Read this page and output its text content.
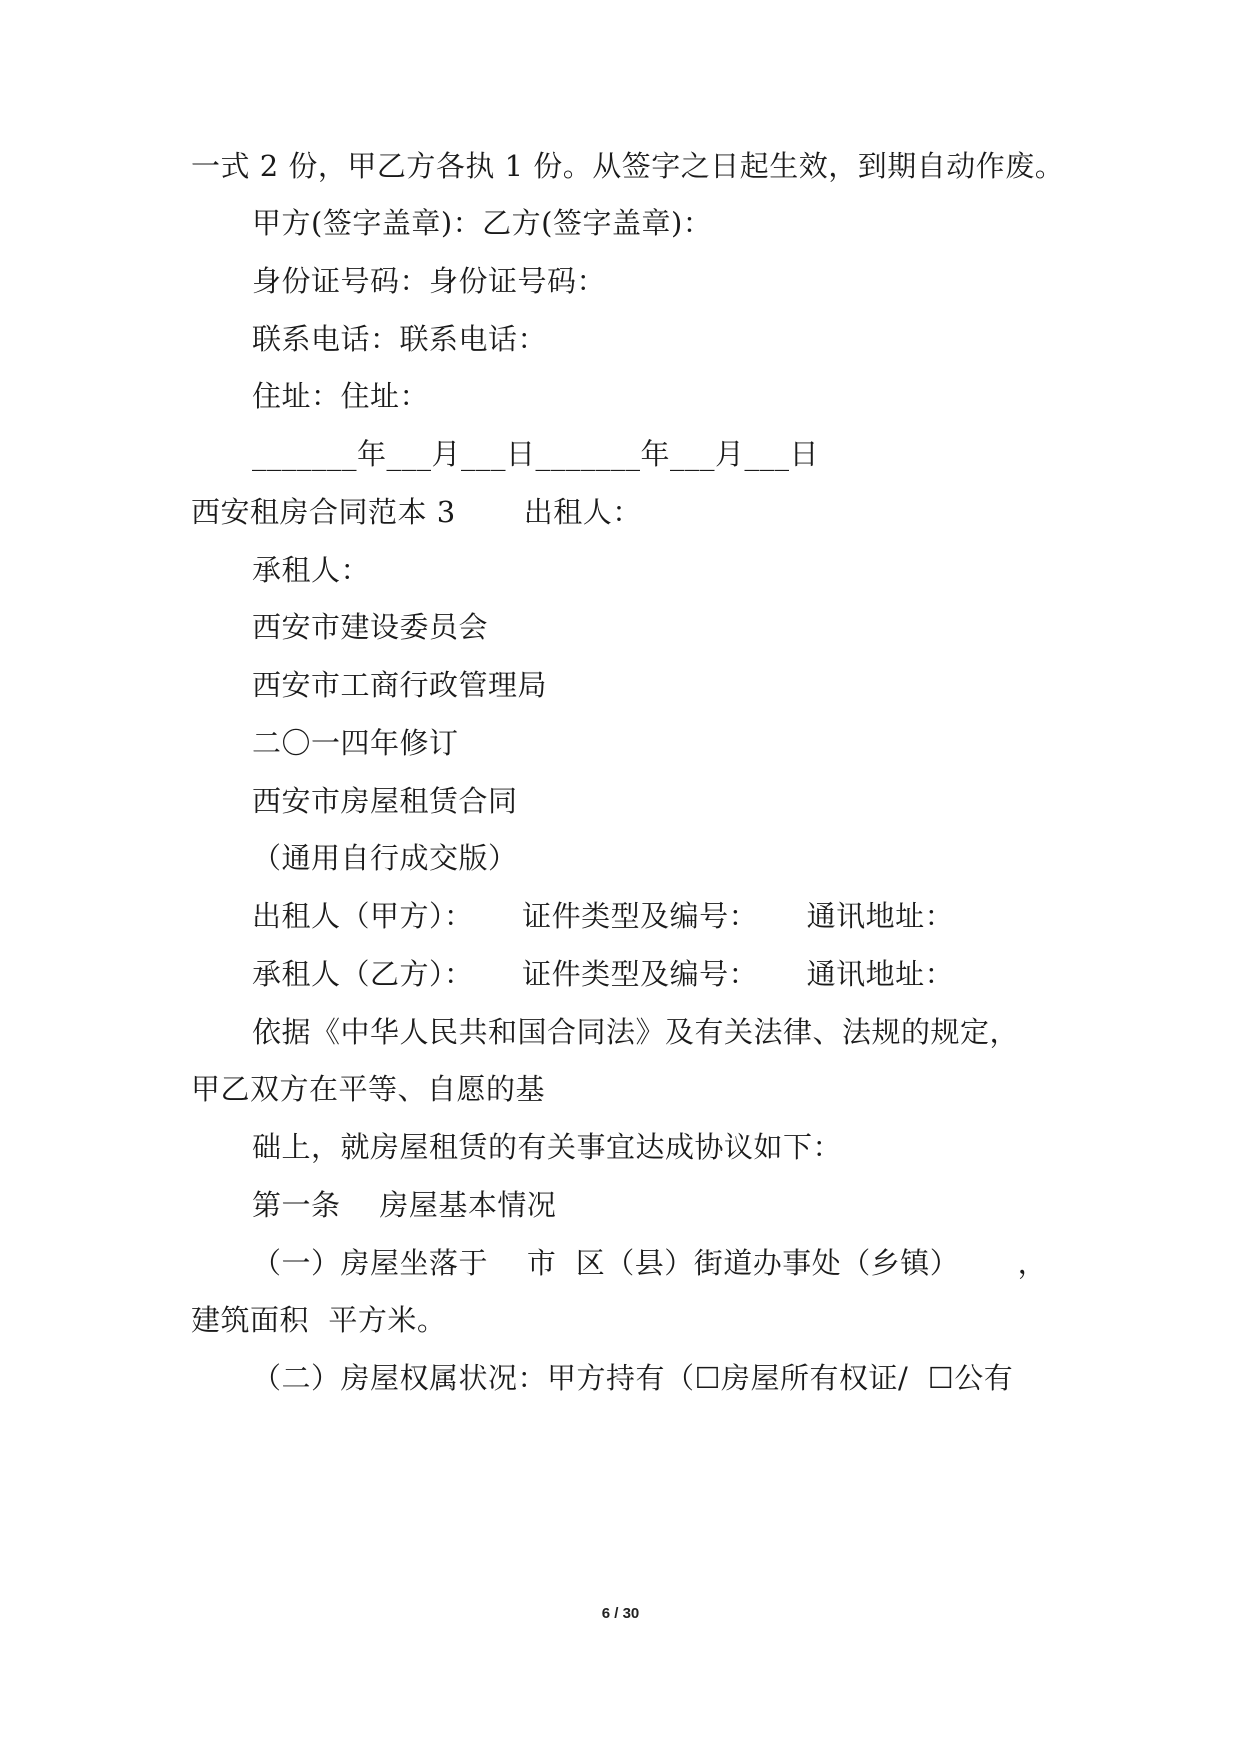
一式 2 份，甲乙方各执 1 份。从签字之日起生效，到期自动作废。
甲方(签字盖章)：乙方(签字盖章)：
身份证号码：身份证号码：
联系电话：联系电话：
住址：住址：
_______年___月___日_______年___月___日
西安租房合同范本 3       出租人：
承租人：
西安市建设委员会
西安市工商行政管理局
二〇一四年修订
西安市房屋租赁合同
（通用自行成交版）
出租人（甲方）：     证件类型及编号：     通讯地址：
承租人（乙方）：     证件类型及编号：     通讯地址：
依据《中华人民共和国合同法》及有关法律、法规的规定，
甲乙双方在平等、自愿的基
础上，就房屋租赁的有关事宜达成协议如下：
第一条    房屋基本情况
（一）房屋坐落于    市  区（县）街道办事处（乡镇）      ，
建筑面积  平方米。
（二）房屋权属状况：甲方持有（☐房屋所有权证/  ☐公有
6 / 30
